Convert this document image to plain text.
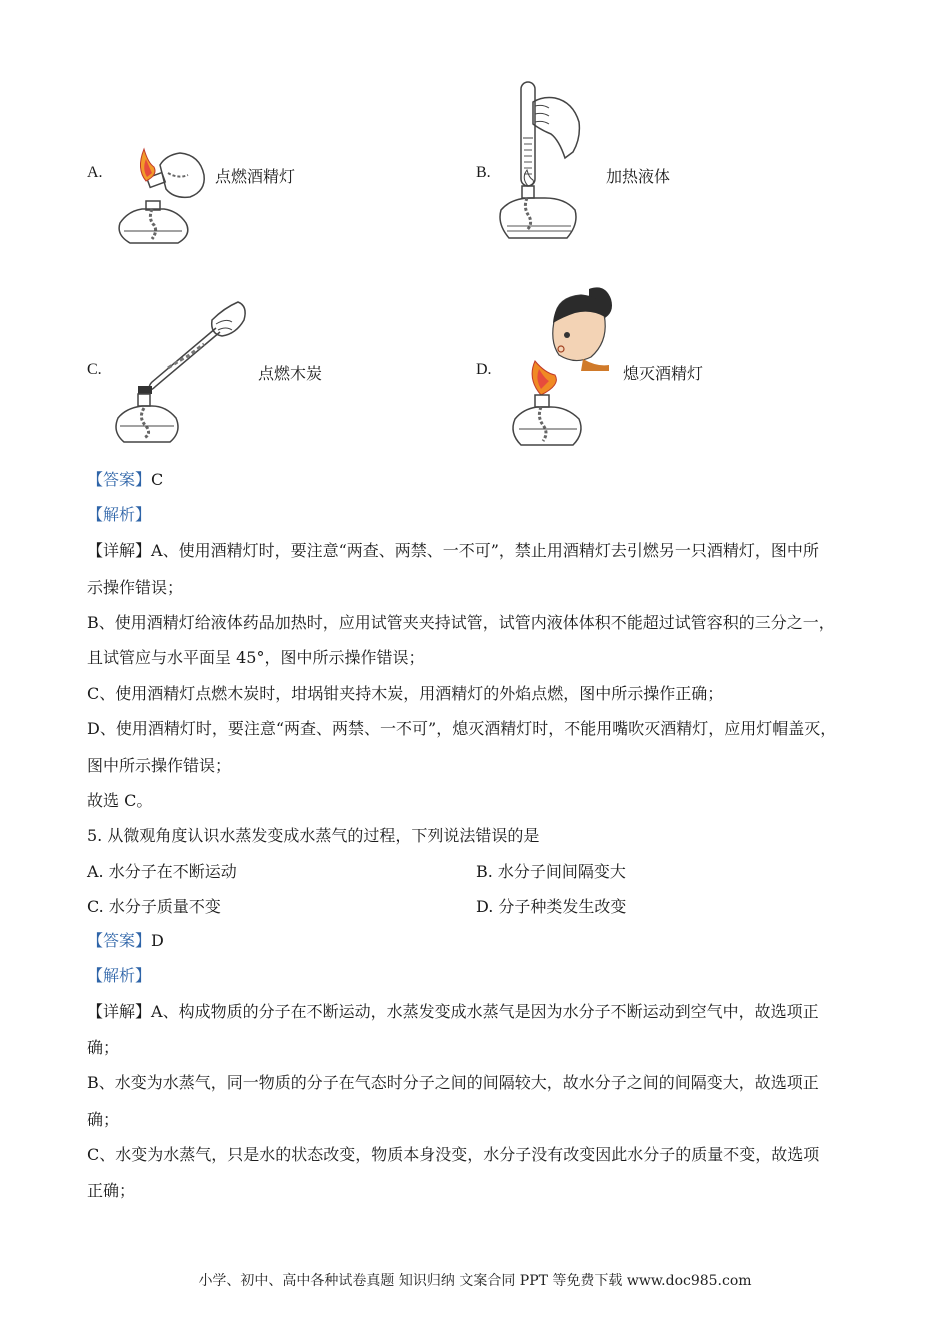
A.	点燃酒精灯	B.	加热液体
C.	点燃木炭	D.	熄灭酒精灯
【答案】C
【解析】
【详解】A、使用酒精灯时，要注意“两查、两禁、一不可”，禁止用酒精灯去引燃另一只酒精灯，图中所
示操作错误；
B、使用酒精灯给液体药品加热时，应用试管夹夹持试管，试管内液体体积不能超过试管容积的三分之一，
且试管应与水平面呈 45°，图中所示操作错误；
C、使用酒精灯点燃木炭时，坩埚钳夹持木炭，用酒精灯的外焰点燃，图中所示操作正确；
D、使用酒精灯时，要注意“两查、两禁、一不可”，熄灭酒精灯时，不能用嘴吹灭酒精灯，应用灯帽盖灭，
图中所示操作错误；
故选 C。
5. 从微观角度认识水蒸发变成水蒸气的过程，下列说法错误的是
A. 水分子在不断运动	B. 水分子间间隔变大
C. 水分子质量不变	D. 分子种类发生改变
【答案】D
【解析】
【详解】A、构成物质的分子在不断运动，水蒸发变成水蒸气是因为水分子不断运动到空气中，故选项正
确；
B、水变为水蒸气，同一物质的分子在气态时分子之间的间隔较大，故水分子之间的间隔变大，故选项正
确；
C、水变为水蒸气，只是水的状态改变，物质本身没变，水分子没有改变因此水分子的质量不变，故选项
正确；
小学、初中、高中各种试卷真题 知识归纳 文案合同 PPT 等免费下载 www.doc985.com
